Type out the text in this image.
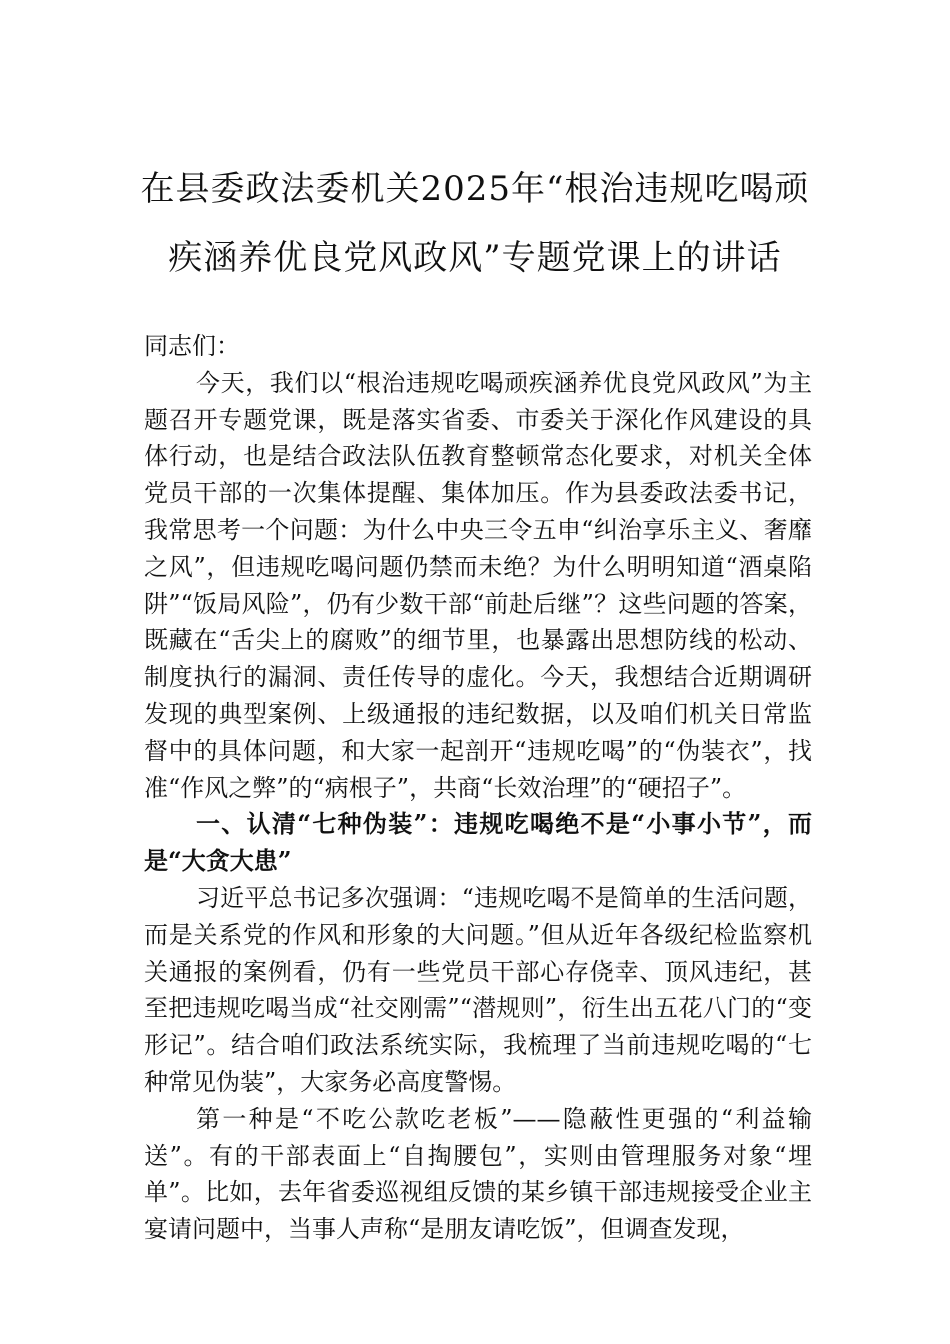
在县委政法委机关2025年“根治违规吃喝顽
疾涵养优良党风政风”专题党课上的讲话

同志们：

今天，我们以“根治违规吃喝顽疾涵养优良党风政风”为主题召开专题党课，既是落实省委、市委关于深化作风建设的具体行动，也是结合政法队伍教育整顿常态化要求，对机关全体党员干部的一次集体提醒、集体加压。作为县委政法委书记，我常思考一个问题：为什么中央三令五申“纠治享乐主义、奢靡之风”，但违规吃喝问题仍禁而未绝？为什么明明知道“酒桌陷阱”“饭局风险”，仍有少数干部“前赴后继”？这些问题的答案，既藏在“舌尖上的腐败”的细节里，也暴露出思想防线的松动、制度执行的漏洞、责任传导的虚化。今天，我想结合近期调研发现的典型案例、上级通报的违纪数据，以及咱们机关日常监督中的具体问题，和大家一起剖开“违规吃喝”的“伪装衣”，找准“作风之弊”的“病根子”，共商“长效治理”的“硬招子”。

一、认清“七种伪装”：违规吃喝绝不是“小事小节”，而是“大贪大患”

习近平总书记多次强调：“违规吃喝不是简单的生活问题，而是关系党的作风和形象的大问题。”但从近年各级纪检监察机关通报的案例看，仍有一些党员干部心存侥幸、顶风违纪，甚至把违规吃喝当成“社交刚需”“潜规则”，衍生出五花八门的“变形记”。结合咱们政法系统实际，我梳理了当前违规吃喝的“七种常见伪装”，大家务必高度警惕。

第一种是“不吃公款吃老板”——隐蔽性更强的“利益输送”。有的干部表面上“自掏腰包”，实则由管理服务对象“埋单”。比如，去年省委巡视组反馈的某乡镇干部违规接受企业主宴请问题中，当事人声称“是朋友请吃饭”，但调查发现，
